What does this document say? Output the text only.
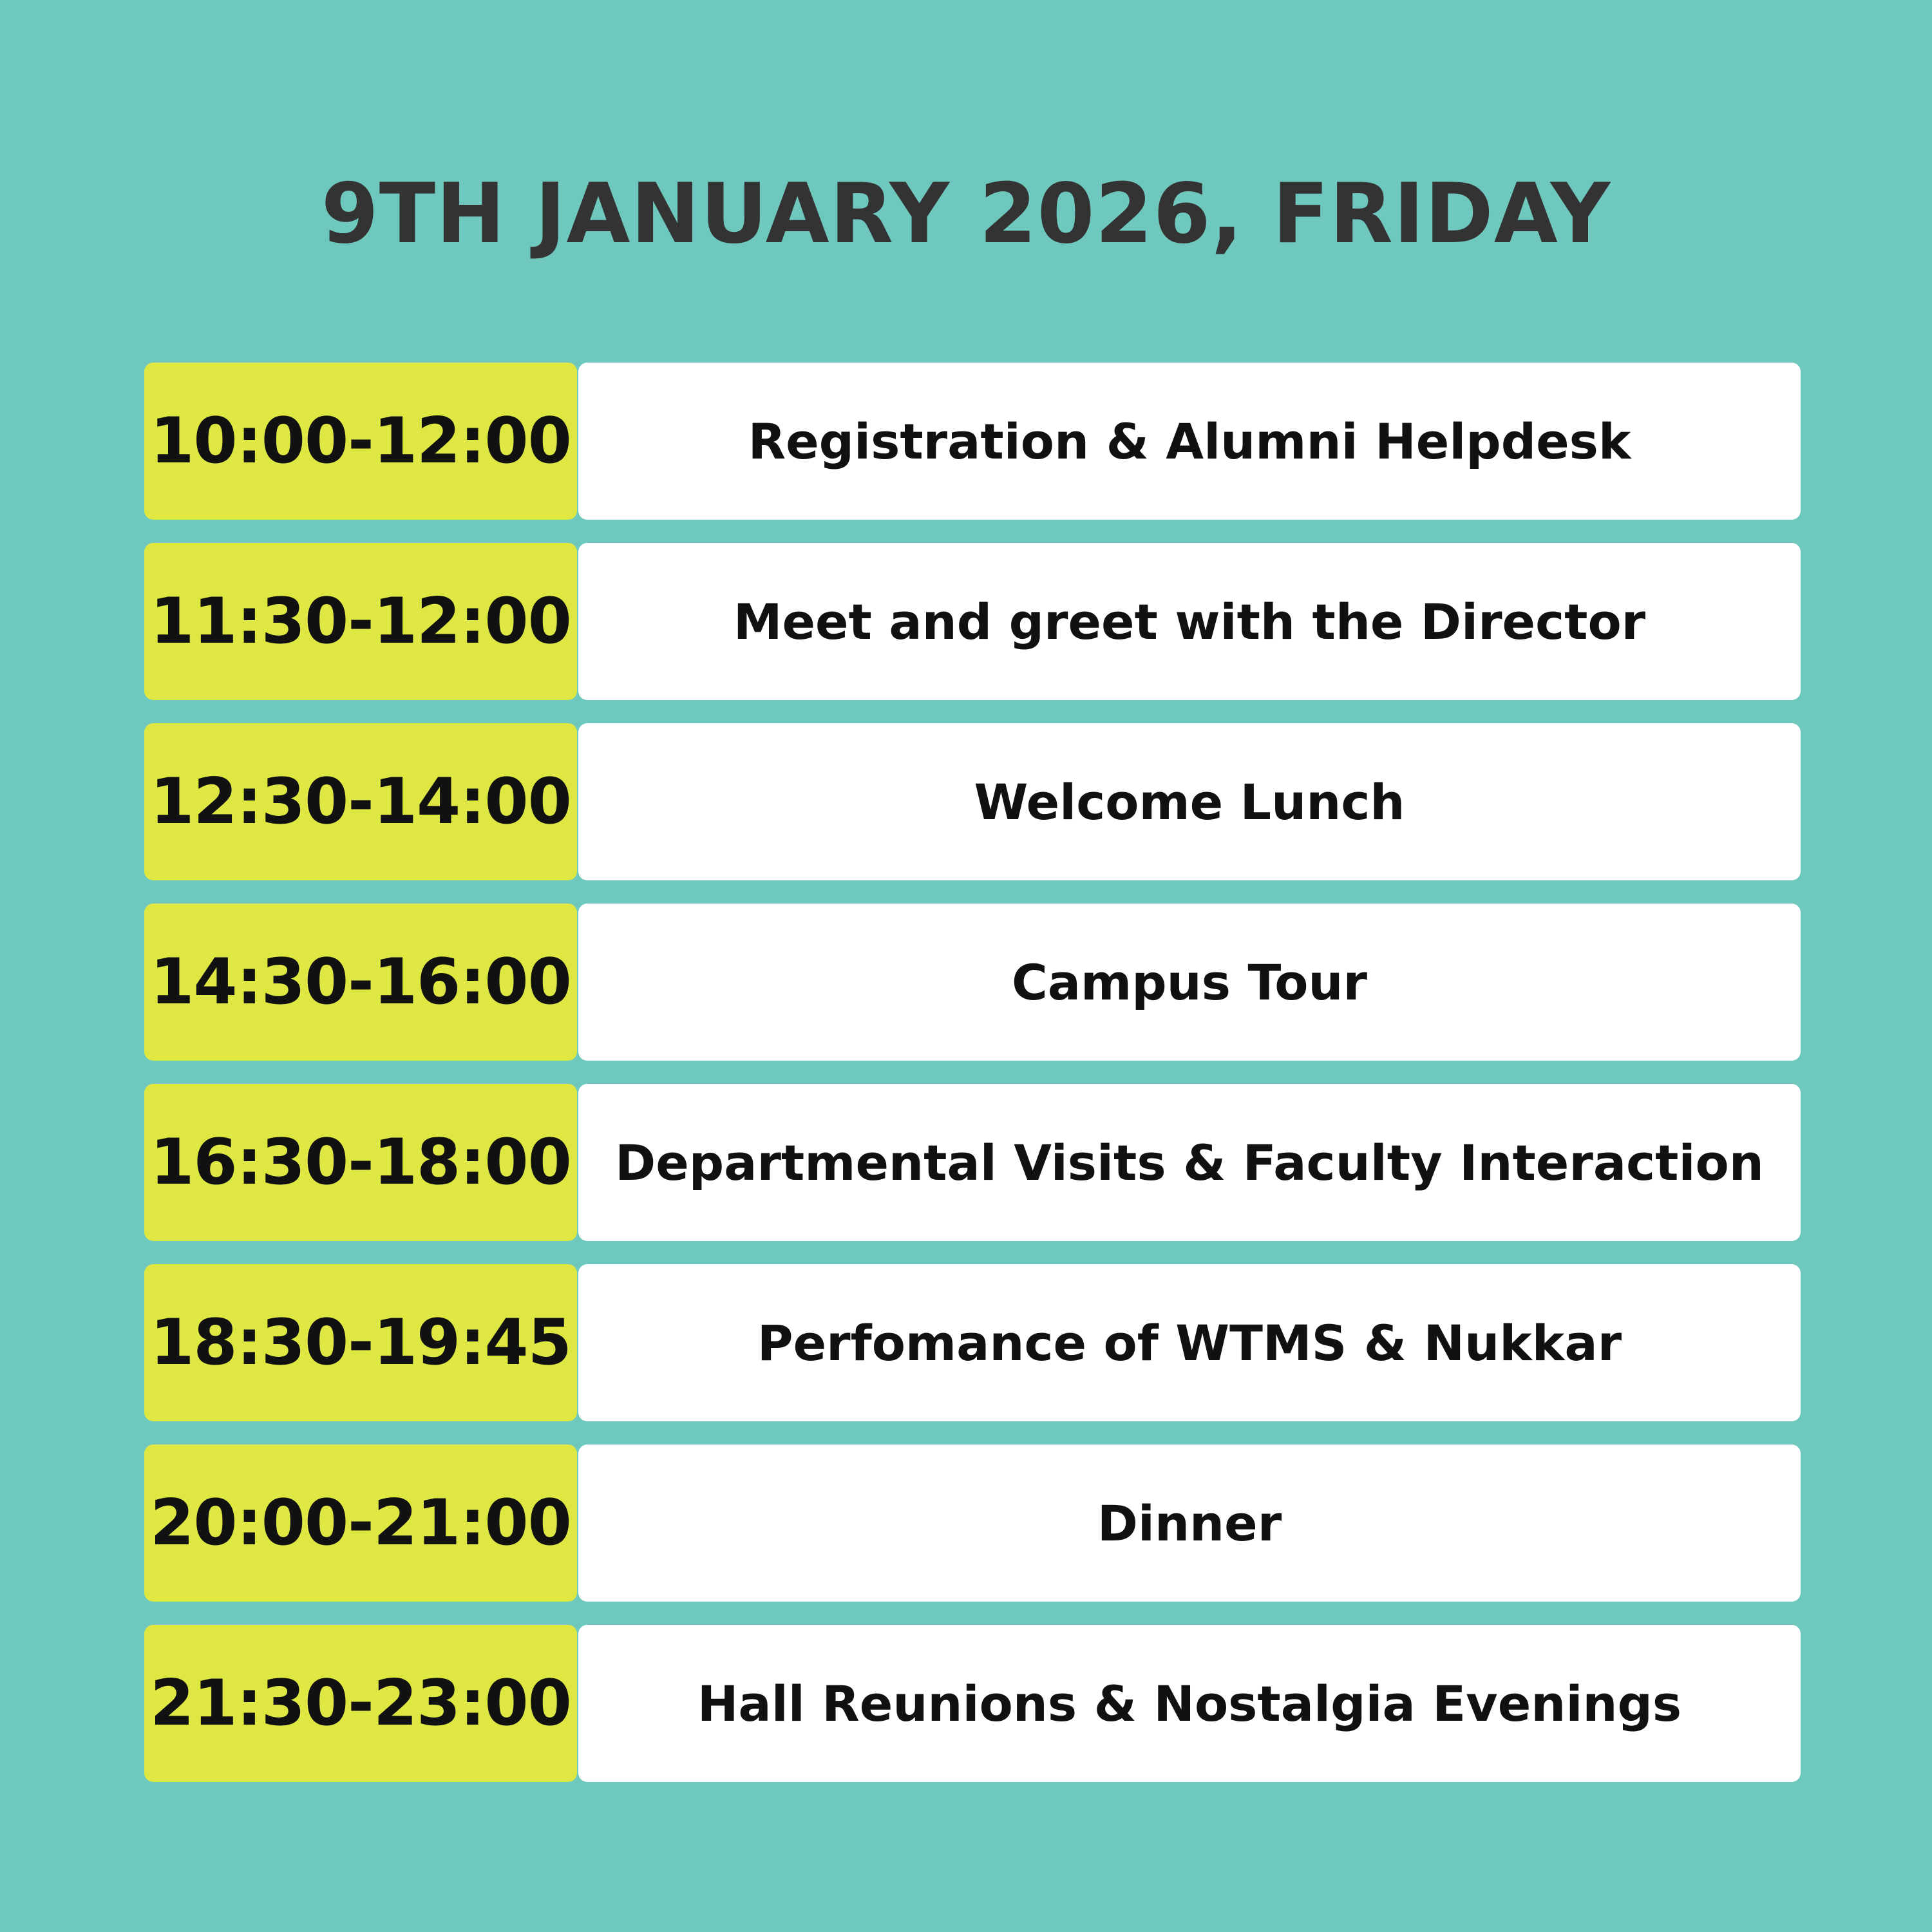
9TH JANUARY 2026, FRIDAY
10:00-12:00	Registration & Alumni Helpdesk
11:30-12:00	Meet and greet with the Director
12:30-14:00	Welcome Lunch
14:30-16:00	Campus Tour
16:30-18:00 Departmental Visits & Faculty Interaction
18:30-19:45	Perfomance of WTMS & Nukkar
20:00-21:00	Dinner
21:30-23:00	Hall Reunions & Nostalgia Evenings
